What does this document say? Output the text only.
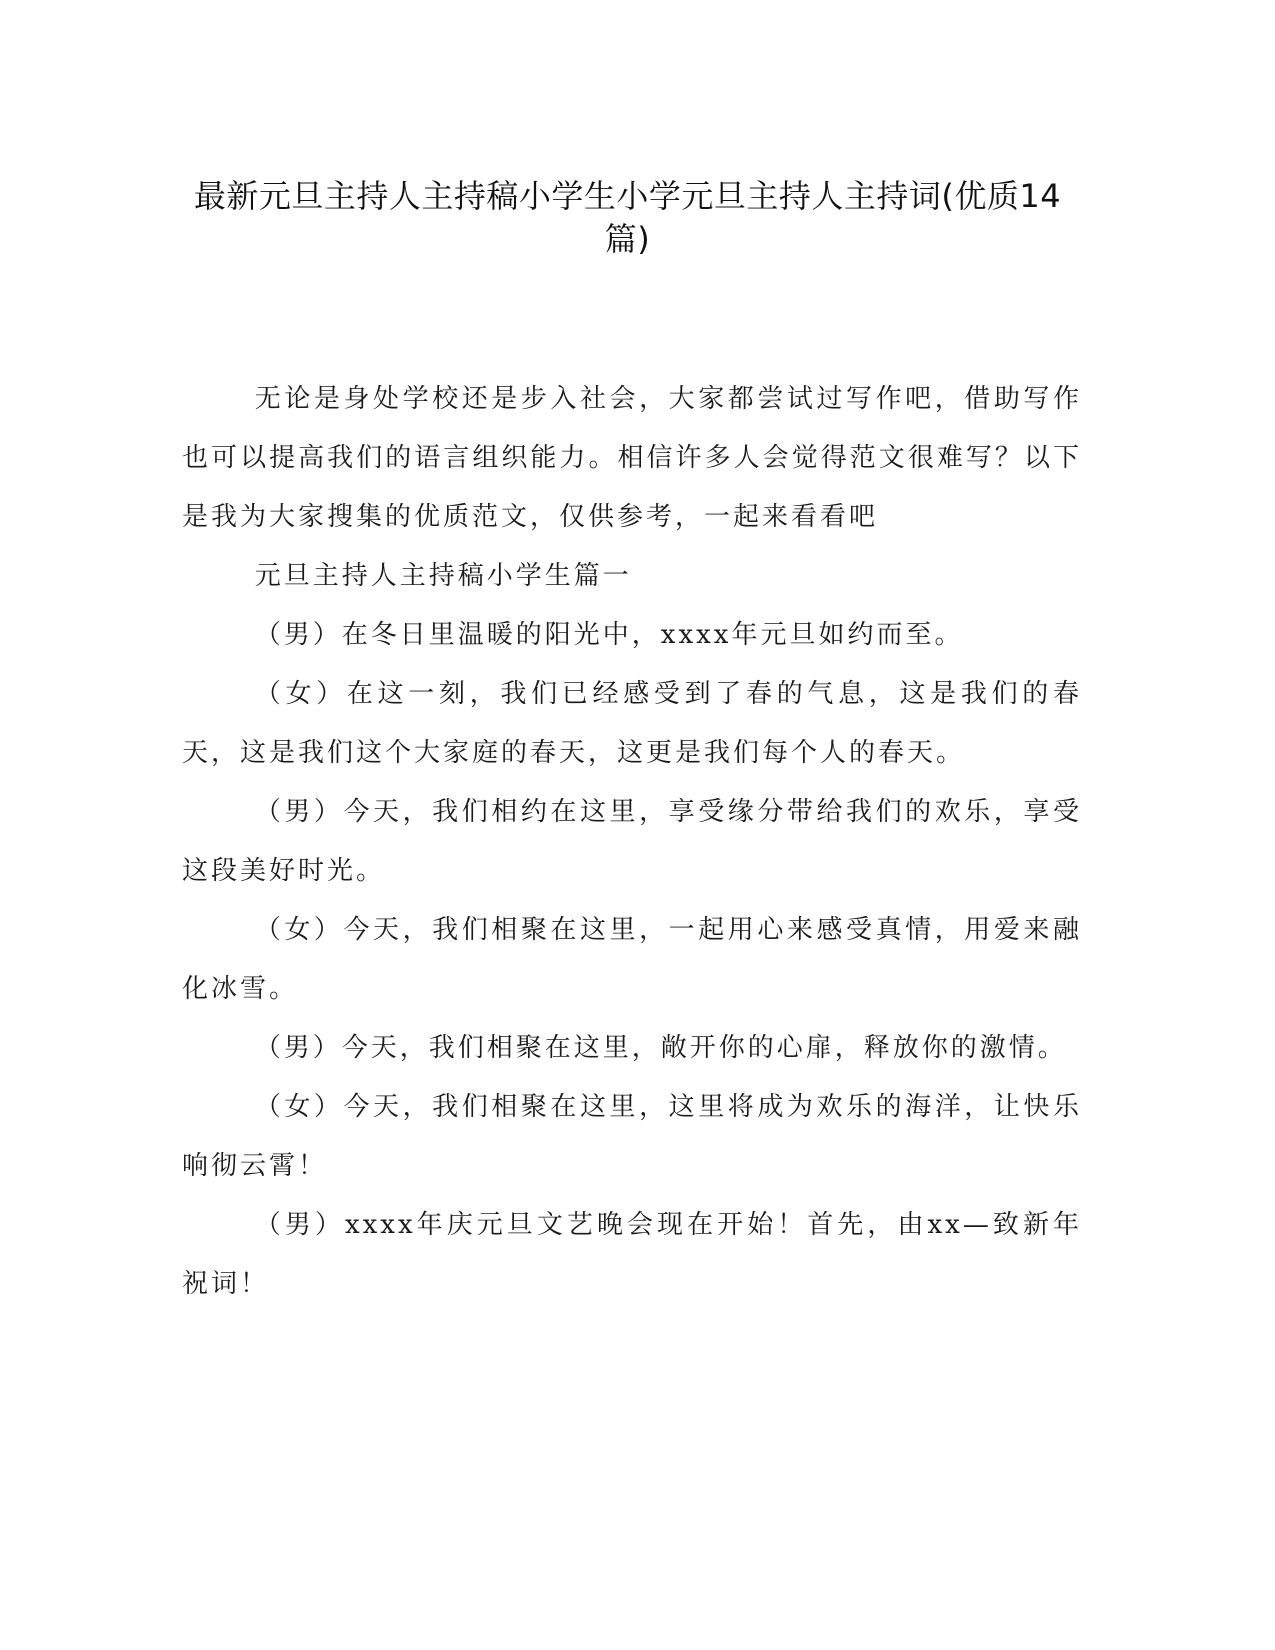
最新元旦主持人主持稿小学生小学元旦主持人主持词(优质14篇)

无论是身处学校还是步入社会，大家都尝试过写作吧，借助写作也可以提高我们的语言组织能力。相信许多人会觉得范文很难写？以下是我为大家搜集的优质范文，仅供参考，一起来看看吧

元旦主持人主持稿小学生篇一

（男）在冬日里温暖的阳光中，xxxx年元旦如约而至。

（女）在这一刻，我们已经感受到了春的气息，这是我们的春天，这是我们这个大家庭的春天，这更是我们每个人的春天。

（男）今天，我们相约在这里，享受缘分带给我们的欢乐，享受这段美好时光。

（女）今天，我们相聚在这里，一起用心来感受真情，用爱来融化冰雪。

（男）今天，我们相聚在这里，敞开你的心扉，释放你的激情。

（女）今天，我们相聚在这里，这里将成为欢乐的海洋，让快乐响彻云霄！

（男）xxxx年庆元旦文艺晚会现在开始！首先，由xx—致新年祝词！
